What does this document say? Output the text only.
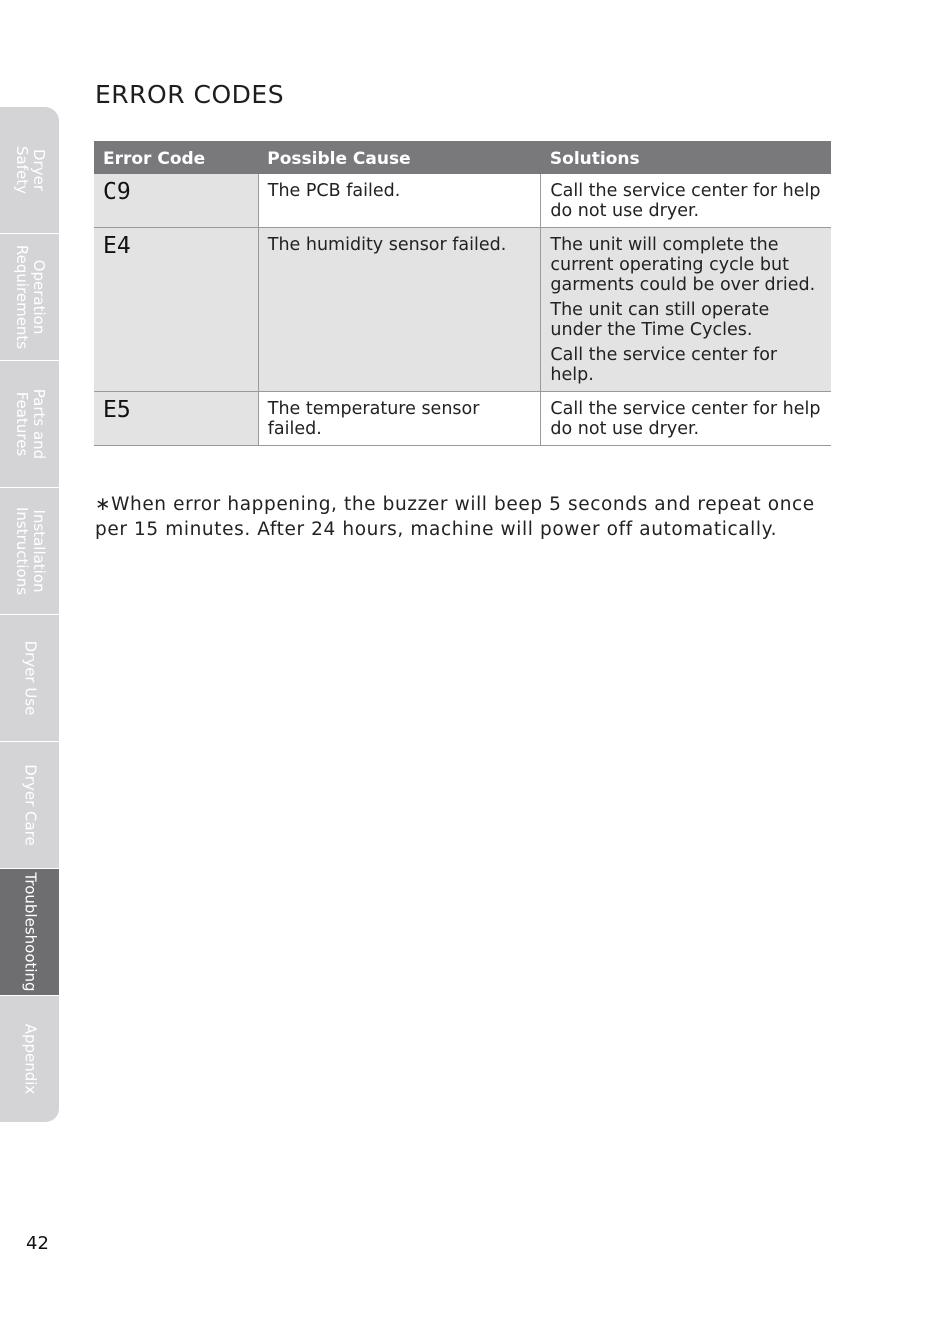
Dryer
Safety
Operation
Requirements
Parts and
Features
Installation
Instructions
Dryer Use
Dryer Care
Troubleshooting
Appendix
ERROR CODES
Error Code	Possible Cause	Solutions
C9	The PCB failed.	Call the service center for help do not use dryer.

E4	The humidity sensor failed.	The unit will complete the current operating cycle but garments could be over dried.

The unit can still operate under the Time Cycles.

Call the service center for help.

E5	The temperature sensor failed.	Call the service center for help do not use dryer.

∗When error happening, the buzzer will beep 5 seconds and repeat once per 15 minutes. After 24 hours, machine will power off automatically.

42
